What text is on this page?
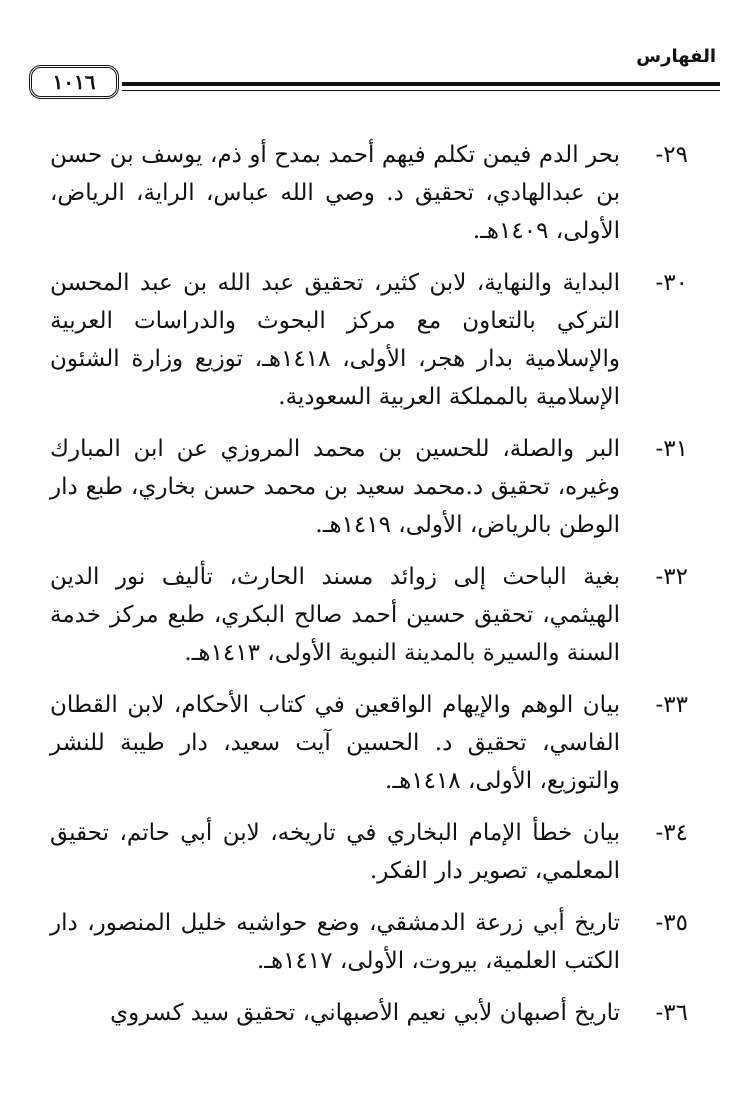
الفهارس
١٠١٦
٢٩-
بحر الدم فيمن تكلم فيهم أحمد بمدح أو ذم، يوسف بن حسن بن عبدالهادي، تحقيق د. وصي الله عباس، الراية، الرياض، الأولى، ١٤٠٩هـ.
٣٠-
البداية والنهاية، لابن كثير، تحقيق عبد الله بن عبد المحسن التركي بالتعاون مع مركز البحوث والدراسات العربية والإسلامية بدار هجر، الأولى، ١٤١٨هـ، توزيع وزارة الشئون الإسلامية بالمملكة العربية السعودية.
٣١-
البر والصلة، للحسين بن محمد المروزي عن ابن المبارك وغيره، تحقيق د.محمد سعيد بن محمد حسن بخاري، طبع دار الوطن بالرياض، الأولى، ١٤١٩هـ.
٣٢-
بغية الباحث إلى زوائد مسند الحارث، تأليف نور الدين الهيثمي، تحقيق حسين أحمد صالح البكري، طبع مركز خدمة السنة والسيرة بالمدينة النبوية الأولى، ١٤١٣هـ.
٣٣-
بيان الوهم والإيهام الواقعين في كتاب الأحكام، لابن القطان الفاسي، تحقيق د. الحسين آيت سعيد، دار طيبة للنشر والتوزيع، الأولى، ١٤١٨هـ.
٣٤-
بيان خطأ الإمام البخاري في تاريخه، لابن أبي حاتم، تحقيق المعلمي، تصوير دار الفكر.
٣٥-
تاريخ أبي زرعة الدمشقي، وضع حواشيه خليل المنصور، دار الكتب العلمية، بيروت، الأولى، ١٤١٧هـ.
٣٦-
تاريخ أصبهان لأبي نعيم الأصبهاني، تحقيق سيد كسروي
